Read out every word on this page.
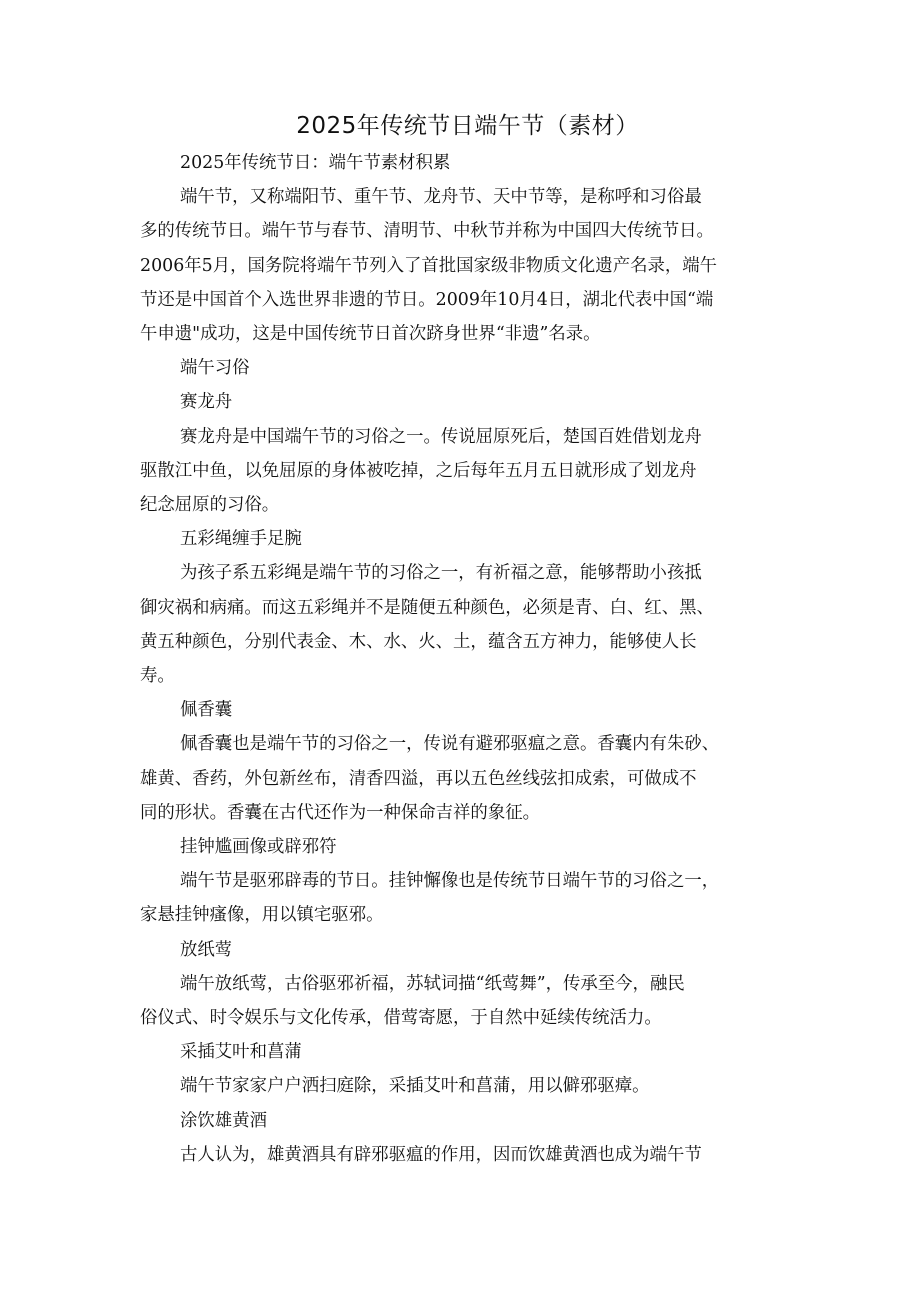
2025年传统节日端午节（素材）

2025年传统节日：端午节素材积累

端午节，又称端阳节、重午节、龙舟节、天中节等，是称呼和习俗最

多的传统节日。端午节与春节、清明节、中秋节并称为中国四大传统节日。

2006年5月，国务院将端午节列入了首批国家级非物质文化遗产名录，端午

节还是中国首个入选世界非遗的节日。2009年10月4日，湖北代表中国“端

午申遗"成功，这是中国传统节日首次跻身世界“非遗”名录。

端午习俗

赛龙舟

赛龙舟是中国端午节的习俗之一。传说屈原死后，楚国百姓借划龙舟

驱散江中鱼，以免屈原的身体被吃掉，之后每年五月五日就形成了划龙舟

纪念屈原的习俗。

五彩绳缠手足腕

为孩子系五彩绳是端午节的习俗之一，有祈福之意，能够帮助小孩抵

御灾祸和病痛。而这五彩绳并不是随便五种颜色，必须是青、白、红、黑、

黄五种颜色，分别代表金、木、水、火、土，蕴含五方神力，能够使人长

寿。

佩香囊

佩香囊也是端午节的习俗之一，传说有避邪驱瘟之意。香囊内有朱砂、

雄黄、香药，外包新丝布，清香四溢，再以五色丝线弦扣成索，可做成不

同的形状。香囊在古代还作为一种保命吉祥的象征。

挂钟尴画像或辟邪符

端午节是驱邪辟毒的节日。挂钟懈像也是传统节日端午节的习俗之一，

家悬挂钟瘙像，用以镇宅驱邪。

放纸莺

端午放纸莺，古俗驱邪祈福，苏轼词描“纸莺舞”，传承至今，融民

俗仪式、时令娱乐与文化传承，借莺寄愿，于自然中延续传统活力。

采插艾叶和菖蒲

端午节家家户户洒扫庭除，采插艾叶和菖蒲，用以僻邪驱瘴。

涂饮雄黄酒

古人认为，雄黄酒具有辟邪驱瘟的作用，因而饮雄黄酒也成为端午节
